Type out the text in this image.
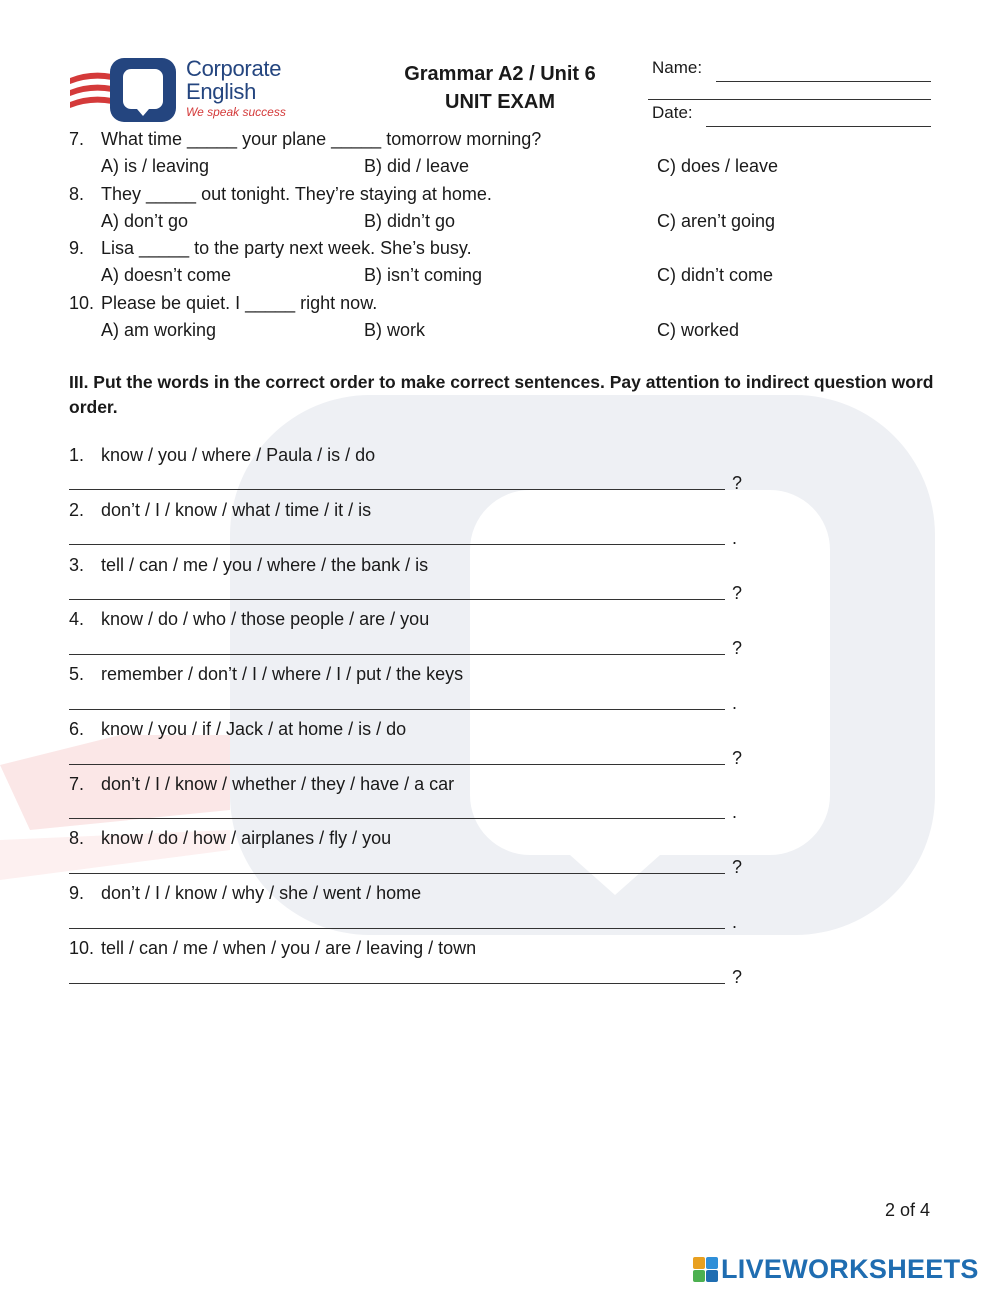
Corporate
English
We speak success
Grammar A2 / Unit 6
UNIT EXAM
Name:
Date:
7. What time _____ your plane _____ tomorrow morning?
A) is / leaving	B) did / leave	C) does / leave
8. They _____ out tonight. They’re staying at home.
A) don’t go	B) didn’t go	C) aren’t going
9. Lisa _____ to the party next week. She’s busy.
A) doesn’t come	B) isn’t coming	C) didn’t come
10. Please be quiet. I _____ right now.
A) am working	B) work	C) worked
III. Put the words in the correct order to make correct sentences. Pay attention to indirect question word order.
1. know / you / where / Paula / is / do
?
2. don’t / I / know / what / time / it / is
.
3. tell / can / me / you / where / the bank / is
?
4. know / do / who / those people / are / you
?
5. remember / don’t / I / where / I / put / the keys
.
6. know / you / if / Jack / at home / is / do
?
7. don’t / I / know / whether / they / have / a car
.
8. know / do / how / airplanes / fly / you
?
9. don’t / I / know / why / she / went / home
.
10. tell / can / me / when / you / are / leaving / town
?
2 of 4
LIVEWORKSHEETS
